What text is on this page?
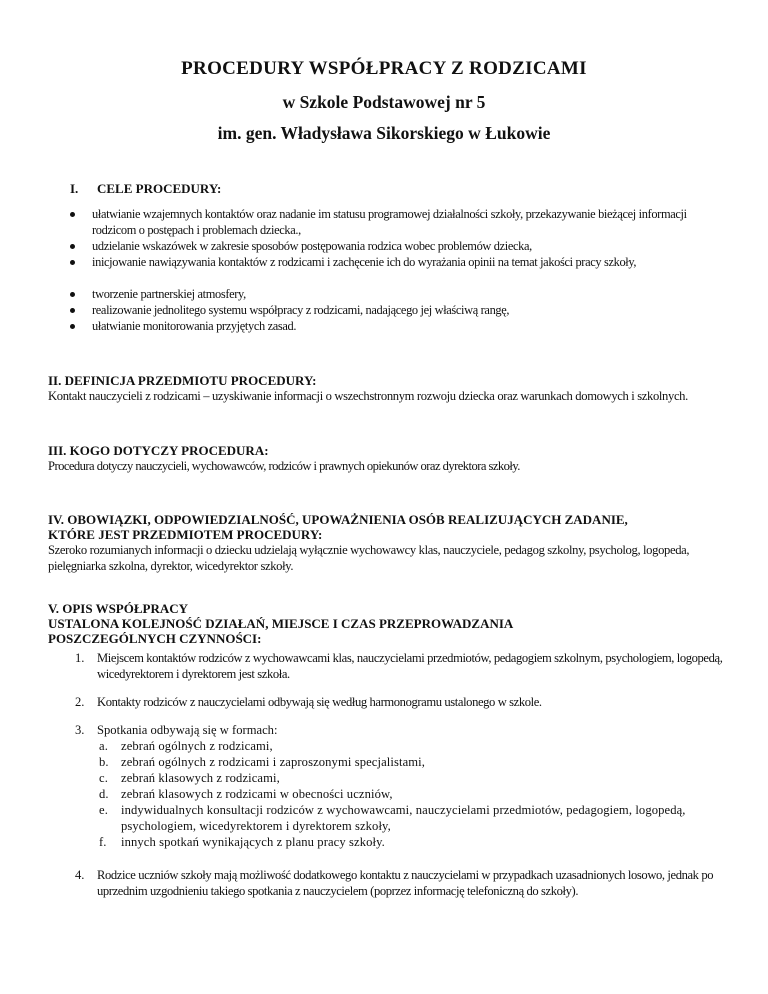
PROCEDURY WSPÓŁPRACY Z RODZICAMI
w Szkole Podstawowej nr 5
im. gen. Władysława Sikorskiego w Łukowie
I. CELE PROCEDURY:
ułatwianie wzajemnych kontaktów oraz nadanie im statusu programowej działalności szkoły, przekazywanie bieżącej informacji rodzicom o postępach i problemach dziecka.,
udzielanie wskazówek w zakresie sposobów postępowania rodzica wobec problemów dziecka,
inicjowanie nawiązywania kontaktów z rodzicami i zachęcenie ich do wyrażania opinii na temat jakości pracy szkoły,
tworzenie partnerskiej atmosfery,
realizowanie jednolitego systemu współpracy z rodzicami, nadającego jej właściwą rangę,
ułatwianie monitorowania przyjętych zasad.
II. DEFINICJA PRZEDMIOTU PROCEDURY:
Kontakt nauczycieli z rodzicami – uzyskiwanie informacji o wszechstronnym rozwoju dziecka oraz warunkach domowych i szkolnych.
III. KOGO DOTYCZY PROCEDURA:
Procedura dotyczy nauczycieli, wychowawców, rodziców i prawnych opiekunów oraz dyrektora szkoły.
IV. OBOWIĄZKI, ODPOWIEDZIALNOŚĆ, UPOWAŻNIENIA OSÓB REALIZUJĄCYCH ZADANIE,
KTÓRE JEST PRZEDMIOTEM PROCEDURY:
Szeroko rozumianych informacji o dziecku udzielają wyłącznie wychowawcy klas, nauczyciele, pedagog szkolny, psycholog, logopeda, pielęgniarka szkolna, dyrektor, wicedyrektor szkoły.
V. OPIS WSPÓŁPRACY
USTALONA KOLEJNOŚĆ DZIAŁAŃ, MIEJSCE I CZAS PRZEPROWADZANIA
POSZCZEGÓLNYCH CZYNNOŚCI:
1. Miejscem kontaktów rodziców z wychowawcami klas, nauczycielami przedmiotów, pedagogiem szkolnym, psychologiem, logopedą, wicedyrektorem i dyrektorem jest szkoła.
2. Kontakty rodziców z nauczycielami odbywają się według harmonogramu ustalonego w szkole.
3. Spotkania odbywają się w formach:
a. zebrań ogólnych z rodzicami,
b. zebrań ogólnych z rodzicami i zaproszonymi specjalistami,
c. zebrań klasowych z rodzicami,
d. zebrań klasowych z rodzicami w obecności uczniów,
e. indywidualnych konsultacji rodziców z wychowawcami, nauczycielami przedmiotów, pedagogiem, logopedą, psychologiem, wicedyrektorem i dyrektorem szkoły,
f. innych spotkań wynikających z planu pracy szkoły.
4. Rodzice uczniów szkoły mają możliwość dodatkowego kontaktu z nauczycielami w przypadkach uzasadnionych losowo, jednak po uprzednim uzgodnieniu takiego spotkania z nauczycielem (poprzez informację telefoniczną do szkoły).
